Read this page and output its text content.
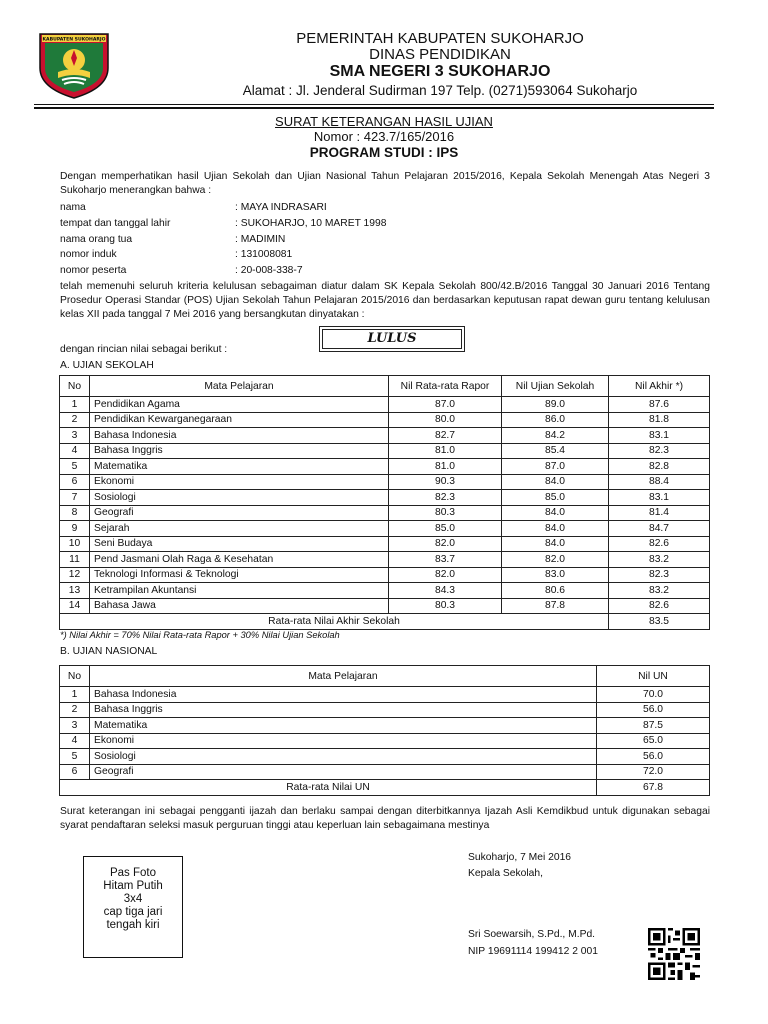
KABUPATEN SUKOHARJO	PEMERINTAH KABUPATEN SUKOHARJO
DINAS PENDIDIKAN
SMA NEGERI 3 SUKOHARJO
Alamat : Jl. Jenderal Sudirman 197 Telp. (0271)593064 Sukoharjo
SURAT KETERANGAN HASIL UJIAN
Nomor : 423.7/165/2016
PROGRAM STUDI : IPS
Dengan memperhatikan hasil Ujian Sekolah dan Ujian Nasional Tahun Pelajaran 2015/2016, Kepala Sekolah Menengah Atas Negeri 3 Sukoharjo menerangkan bahwa :
nama	: MAYA INDRASARI
tempat dan tanggal lahir	: SUKOHARJO, 10 MARET 1998
nama orang tua	: MADIMIN
nomor induk	: 131008081
nomor peserta	: 20-008-338-7
telah memenuhi seluruh kriteria kelulusan sebagaiman diatur dalam SK Kepala Sekolah 800/42.B/2016 Tanggal 30 Januari 2016 Tentang Prosedur Operasi Standar (POS) Ujian Sekolah Tahun Pelajaran 2015/2016 dan berdasarkan keputusan rapat dewan guru tentang kelulusan kelas XII pada tanggal 7 Mei 2016 yang bersangkutan dinyatakan :
LULUS
dengan rincian nilai sebagai berikut :
A. UJIAN SEKOLAH
No	Mata Pelajaran	Nil Rata-rata Rapor	Nil Ujian Sekolah	Nil Akhir *)
1	Pendidikan Agama	87.0	89.0	87.6
2	Pendidikan Kewarganegaraan	80.0	86.0	81.8
3	Bahasa Indonesia	82.7	84.2	83.1
4	Bahasa Inggris	81.0	85.4	82.3
5	Matematika	81.0	87.0	82.8
6	Ekonomi	90.3	84.0	88.4
7	Sosiologi	82.3	85.0	83.1
8	Geografi	80.3	84.0	81.4
9	Sejarah	85.0	84.0	84.7
10	Seni Budaya	82.0	84.0	82.6
11	Pend Jasmani Olah Raga & Kesehatan	83.7	82.0	83.2
12	Teknologi Informasi & Teknologi	82.0	83.0	82.3
13	Ketrampilan Akuntansi	84.3	80.6	83.2
14	Bahasa Jawa	80.3	87.8	82.6
Rata-rata Nilai Akhir Sekolah				83.5
*) Nilai Akhir = 70% Nilai Rata-rata Rapor + 30% Nilai Ujian Sekolah
B. UJIAN NASIONAL
No	Mata Pelajaran	Nil UN
1	Bahasa Indonesia	70.0
2	Bahasa Inggris	56.0
3	Matematika	87.5
4	Ekonomi	65.0
5	Sosiologi	56.0
6	Geografi	72.0
Rata-rata Nilai UN		67.8
Surat keterangan ini sebagai pengganti ijazah dan berlaku sampai dengan diterbitkannya Ijazah Asli Kemdikbud untuk digunakan sebagai syarat pendaftaran seleksi masuk perguruan tinggi atau keperluan lain sebagaimana mestinya
Pas Foto
Hitam Putih
3x4
cap tiga jari
tengah kiri
Sukoharjo, 7 Mei 2016
Kepala Sekolah,
Sri Soewarsih, S.Pd., M.Pd.
NIP 19691114 199412 2 001
